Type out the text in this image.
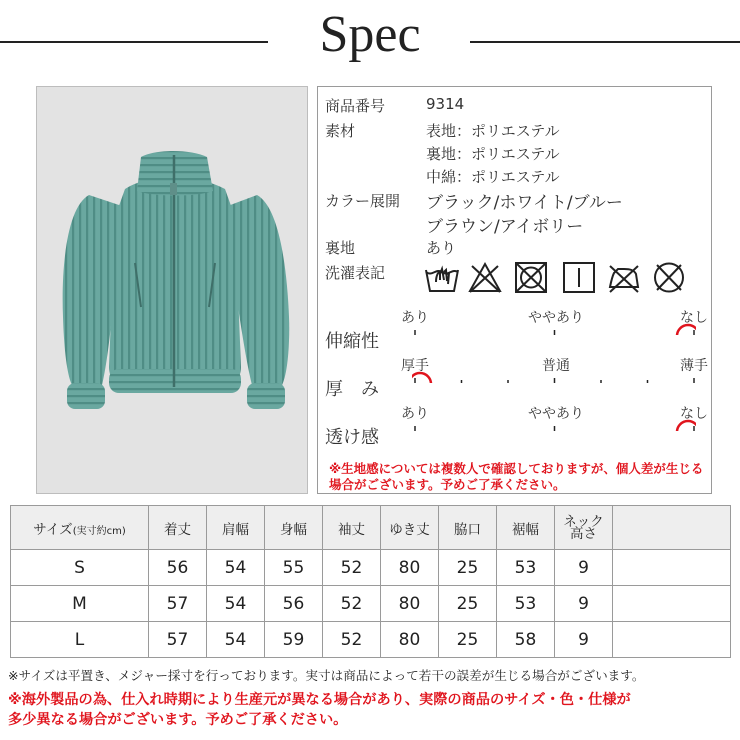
Spec
商品番号	9314
素材	表地：ポリエステル
裏地：ポリエステル
中綿：ポリエステル
カラー展開 ブラック/ホワイト/ブルー
ブラウン/アイボリー
裏地	あり
洗濯表記
伸縮性
あり	ややあり	なし
厚　み
厚手	普通	薄手
透け感
あり	ややあり	なし
※生地感については複数人で確認しておりますが、個人差が生じる
場合がございます。予めご了承ください。
サイズ(実寸約cm)	着丈	肩幅	身幅	袖丈	ゆき丈	脇口	裾幅	ネック
高さ	

S	56	54	55	52	80	25	53	9	
M	57	54	56	52	80	25	53	9	
L	57	54	59	52	80	25	58	9	
※サイズは平置き、メジャー採寸を行っております。実寸は商品によって若干の誤差が生じる場合がございます。
※海外製品の為、仕入れ時期により生産元が異なる場合があり、実際の商品のサイズ・色・仕様が
多少異なる場合がございます。予めご了承ください。
